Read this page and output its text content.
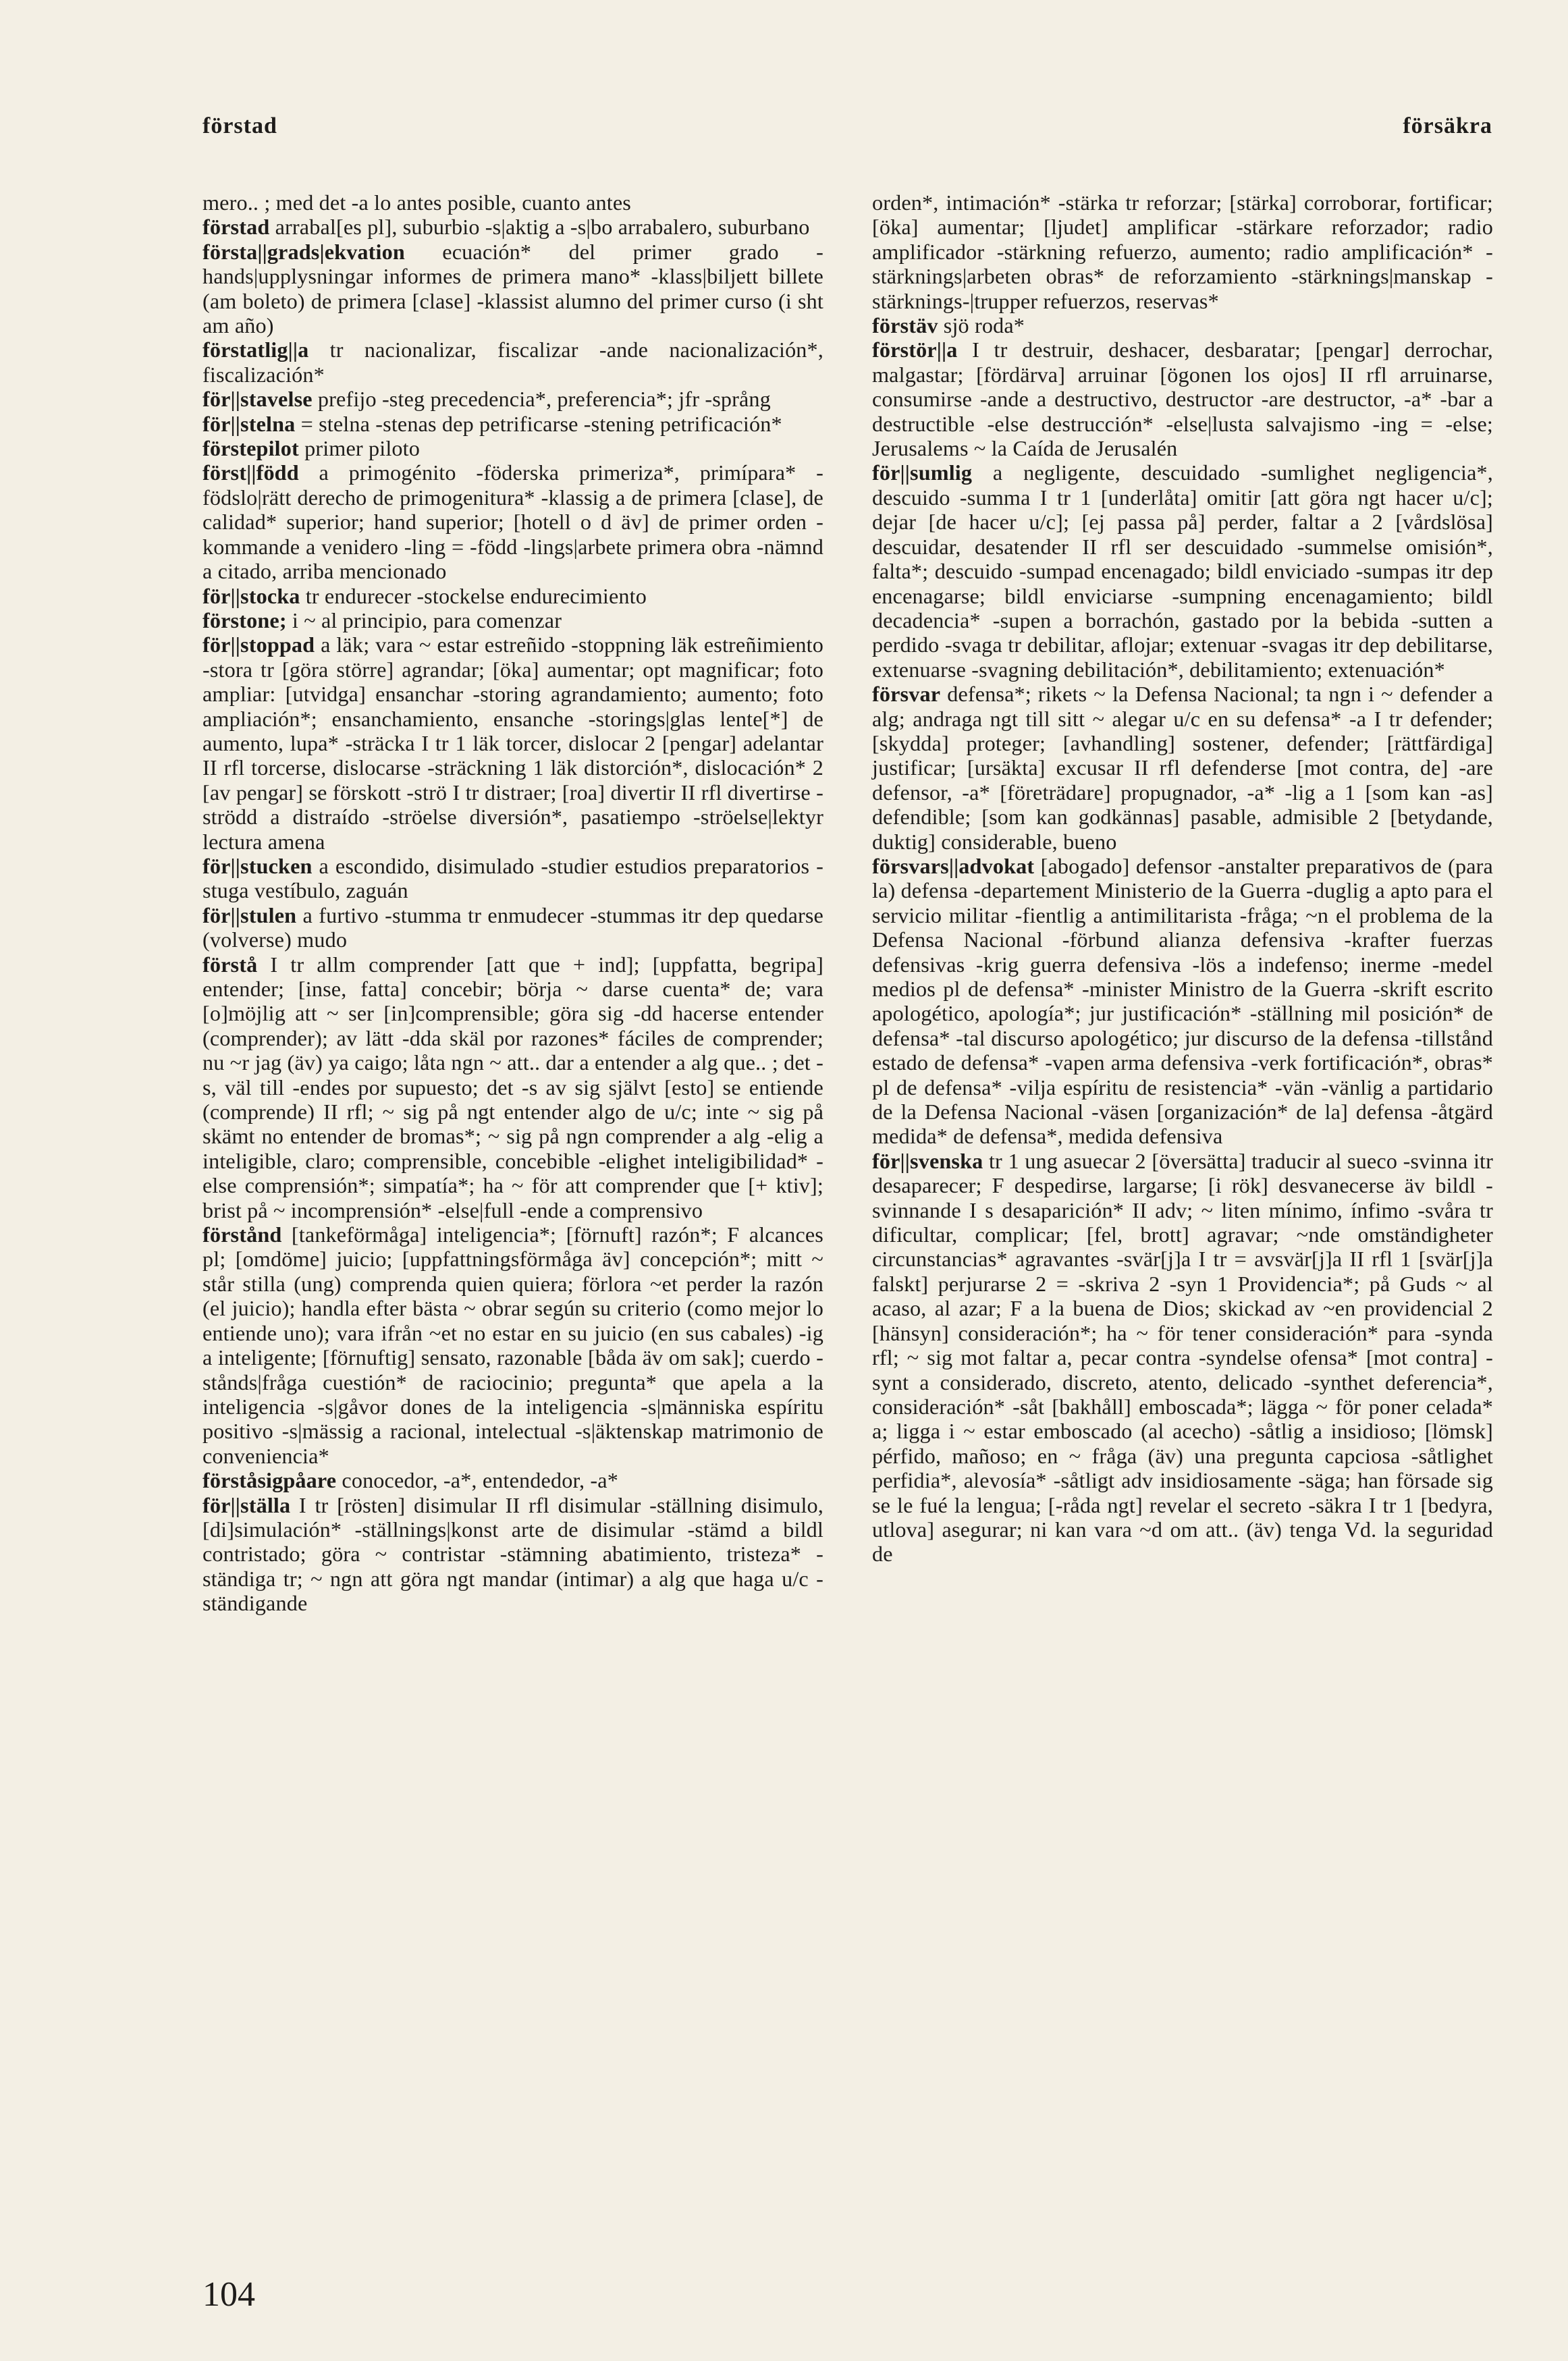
förstad	försäkra

mero.. ; med det -a lo antes posible, cuanto antes

förstad arrabal[es pl], suburbio -s|aktig a -s|bo arrabalero, suburbano

första||grads|ekvation ecuación* del primer grado -hands|upplysningar informes de primera mano* -klass|biljett billete (am boleto) de primera [clase] -klassist alumno del primer curso (i sht am año)

förstatlig||a tr nacionalizar, fiscalizar -ande nacionalización*, fiscalización*

för||stavelse prefijo -steg precedencia*, preferencia*; jfr -språng

för||stelna = stelna -stenas dep petrificarse -stening petrificación*

förstepilot primer piloto

först||född a primogénito -föderska primeriza*, primípara* -födslo|rätt derecho de primogenitura* -klassig a de primera [clase], de calidad* superior; hand superior; [hotell o d äv] de primer orden -kommande a venidero -ling = -född -lings|arbete primera obra -nämnd a citado, arriba mencionado

för||stocka tr endurecer -stockelse endurecimiento

förstone; i ~ al principio, para comenzar

för||stoppad a läk; vara ~ estar estreñido -stoppning läk estreñimiento -stora tr [göra större] agrandar; [öka] aumentar; opt magnificar; foto ampliar: [utvidga] ensanchar -storing agrandamiento; aumento; foto ampliación*; ensanchamiento, ensanche -storings|glas lente[*] de aumento, lupa* -sträcka I tr 1 läk torcer, dislocar 2 [pengar] adelantar II rfl torcerse, dislocarse -sträckning 1 läk distorción*, dislocación* 2 [av pengar] se förskott -strö I tr distraer; [roa] divertir II rfl divertirse -strödd a distraído -ströelse diversión*, pasatiempo -ströelse|lektyr lectura amena

för||stucken a escondido, disimulado -studier estudios preparatorios -stuga vestíbulo, zaguán

för||stulen a furtivo -stumma tr enmudecer -stummas itr dep quedarse (volverse) mudo

förstå I tr allm comprender [att que + ind]; [uppfatta, begripa] entender; [inse, fatta] concebir; börja ~ darse cuenta* de; vara [o]möjlig att ~ ser [in]comprensible; göra sig -dd hacerse entender (comprender); av lätt -dda skäl por razones* fáciles de comprender; nu ~r jag (äv) ya caigo; låta ngn ~ att.. dar a entender a alg que.. ; det -s, väl till -endes por supuesto; det -s av sig självt [esto] se entiende (comprende) II rfl; ~ sig på ngt entender algo de u/c; inte ~ sig på skämt no entender de bromas*; ~ sig på ngn comprender a alg -elig a inteligible, claro; comprensible, concebible -elighet inteligibilidad* -else comprensión*; simpatía*; ha ~ för att comprender que [+ ktiv]; brist på ~ incomprensión* -else|full -ende a comprensivo

förstånd [tankeförmåga] inteligencia*; [förnuft] razón*; F alcances pl; [omdöme] juicio; [uppfattningsförmåga äv] concepción*; mitt ~ står stilla (ung) comprenda quien quiera; förlora ~et perder la razón (el juicio); handla efter bästa ~ obrar según su criterio (como mejor lo entiende uno); vara ifrån ~et no estar en su juicio (en sus cabales) -ig a inteligente; [förnuftig] sensato, razonable [båda äv om sak]; cuerdo -stånds|fråga cuestión* de raciocinio; pregunta* que apela a la inteligencia -s|gåvor dones de la inteligencia -s|människa espíritu positivo -s|mässig a racional, intelectual -s|äktenskap matrimonio de conveniencia*

förståsigpåare conocedor, -a*, entendedor, -a*

för||ställa I tr [rösten] disimular II rfl disimular -ställning disimulo, [di]simulación* -ställnings|konst arte de disimular -stämd a bildl contristado; göra ~ contristar -stämning abatimiento, tristeza* -ständiga tr; ~ ngn att göra ngt mandar (intimar) a alg que haga u/c -ständigande

orden*, intimación* -stärka tr reforzar; [stärka] corroborar, fortificar; [öka] aumentar; [ljudet] amplificar -stärkare reforzador; radio amplificador -stärkning refuerzo, aumento; radio amplificación* -stärknings|arbeten obras* de reforzamiento -stärknings|manskap -stärknings-|trupper refuerzos, reservas*

förstäv sjö roda*

förstör||a I tr destruir, deshacer, desbaratar; [pengar] derrochar, malgastar; [fördärva] arruinar [ögonen los ojos] II rfl arruinarse, consumirse -ande a destructivo, destructor -are destructor, -a* -bar a destructible -else destrucción* -else|lusta salvajismo -ing = -else; Jerusalems ~ la Caída de Jerusalén

för||sumlig a negligente, descuidado -sumlighet negligencia*, descuido -summa I tr 1 [underlåta] omitir [att göra ngt hacer u/c]; dejar [de hacer u/c]; [ej passa på] perder, faltar a 2 [vårdslösa] descuidar, desatender II rfl ser descuidado -summelse omisión*, falta*; descuido -sumpad encenagado; bildl enviciado -sumpas itr dep encenagarse; bildl enviciarse -sumpning encenagamiento; bildl decadencia* -supen a borrachón, gastado por la bebida -sutten a perdido -svaga tr debilitar, aflojar; extenuar -svagas itr dep debilitarse, extenuarse -svagning debilitación*, debilitamiento; extenuación*

försvar defensa*; rikets ~ la Defensa Nacional; ta ngn i ~ defender a alg; andraga ngt till sitt ~ alegar u/c en su defensa* -a I tr defender; [skydda] proteger; [avhandling] sostener, defender; [rättfärdiga] justificar; [ursäkta] excusar II rfl defenderse [mot contra, de] -are defensor, -a* [företrädare] propugnador, -a* -lig a 1 [som kan -as] defendible; [som kan godkännas] pasable, admisible 2 [betydande, duktig] considerable, bueno

försvars||advokat [abogado] defensor -anstalter preparativos de (para la) defensa -departement Ministerio de la Guerra -duglig a apto para el servicio militar -fientlig a antimilitarista -fråga; ~n el problema de la Defensa Nacional -förbund alianza defensiva -krafter fuerzas defensivas -krig guerra defensiva -lös a indefenso; inerme -medel medios pl de defensa* -minister Ministro de la Guerra -skrift escrito apologético, apología*; jur justificación* -ställning mil posición* de defensa* -tal discurso apologético; jur discurso de la defensa -tillstånd estado de defensa* -vapen arma defensiva -verk fortificación*, obras* pl de defensa* -vilja espíritu de resistencia* -vän -vänlig a partidario de la Defensa Nacional -väsen [organización* de la] defensa -åtgärd medida* de defensa*, medida defensiva

för||svenska tr 1 ung asuecar 2 [översätta] traducir al sueco -svinna itr desaparecer; F despedirse, largarse; [i rök] desvanecerse äv bildl -svinnande I s desaparición* II adv; ~ liten mínimo, ínfimo -svåra tr dificultar, complicar; [fel, brott] agravar; ~nde omständigheter circunstancias* agravantes -svär[j]a I tr = avsvär[j]a II rfl 1 [svär[j]a falskt] perjurarse 2 = -skriva 2 -syn 1 Providencia*; på Guds ~ al acaso, al azar; F a la buena de Dios; skickad av ~en providencial 2 [hänsyn] consideración*; ha ~ för tener consideración* para -synda rfl; ~ sig mot faltar a, pecar contra -syndelse ofensa* [mot contra] -synt a considerado, discreto, atento, delicado -synthet deferencia*, consideración* -såt [bakhåll] emboscada*; lägga ~ för poner celada* a; ligga i ~ estar emboscado (al acecho) -såtlig a insidioso; [lömsk] pérfido, mañoso; en ~ fråga (äv) una pregunta capciosa -såtlighet perfidia*, alevosía* -såtligt adv insidiosamente -säga; han försade sig se le fué la lengua; [-råda ngt] revelar el secreto -säkra I tr 1 [bedyra, utlova] asegurar; ni kan vara ~d om att.. (äv) tenga Vd. la seguridad de

104
